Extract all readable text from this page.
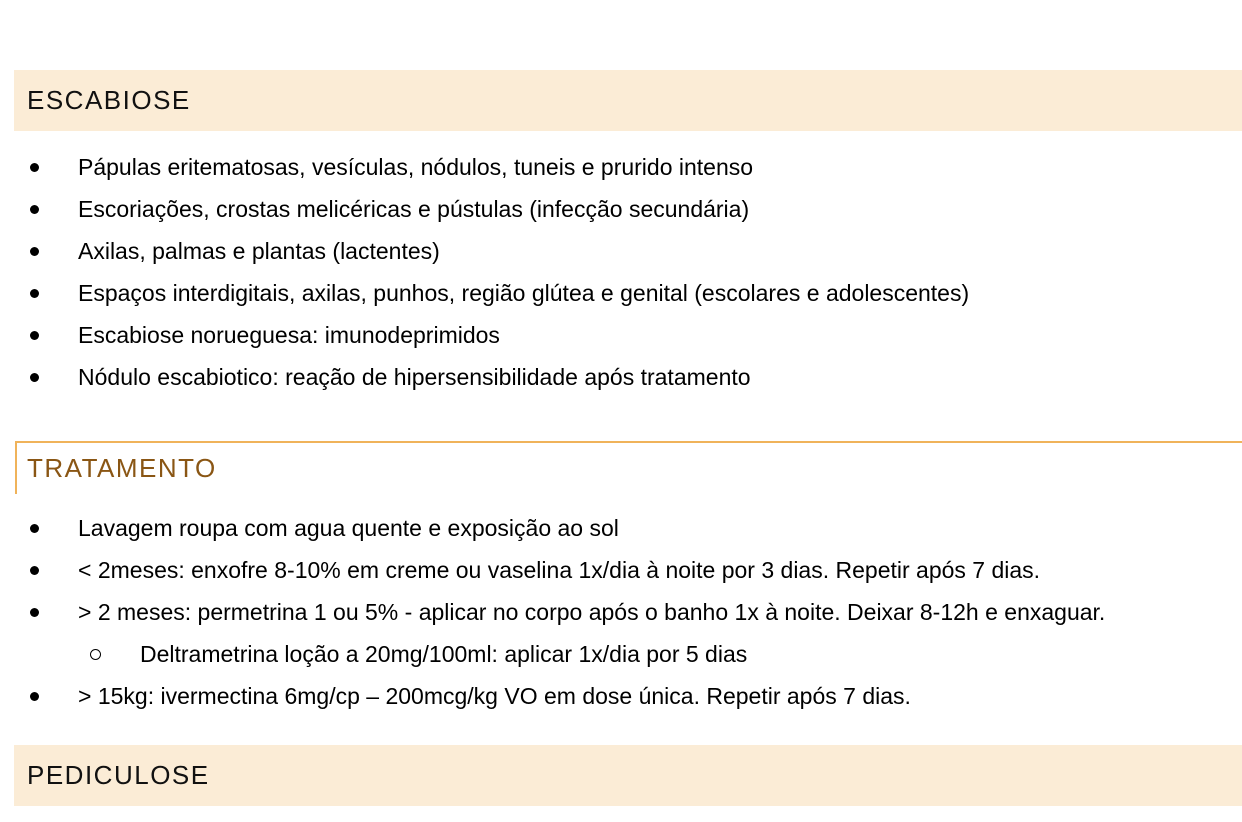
ESCABIOSE
Pápulas eritematosas, vesículas, nódulos, tuneis e prurido intenso
Escoriações, crostas melicéricas e pústulas (infecção secundária)
Axilas, palmas e plantas (lactentes)
Espaços interdigitais, axilas, punhos, região glútea e genital (escolares e adolescentes)
Escabiose norueguesa: imunodeprimidos
Nódulo escabiotico: reação de hipersensibilidade após tratamento
TRATAMENTO
Lavagem roupa com agua quente e exposição ao sol
< 2meses: enxofre 8-10% em creme ou vaselina 1x/dia à noite por 3 dias. Repetir após 7 dias.
> 2 meses: permetrina 1 ou 5% - aplicar no corpo após o banho 1x à noite. Deixar 8-12h e enxaguar.
Deltrametrina loção a 20mg/100ml: aplicar 1x/dia por 5 dias
> 15kg: ivermectina 6mg/cp – 200mcg/kg VO em dose única. Repetir após 7 dias.
PEDICULOSE
